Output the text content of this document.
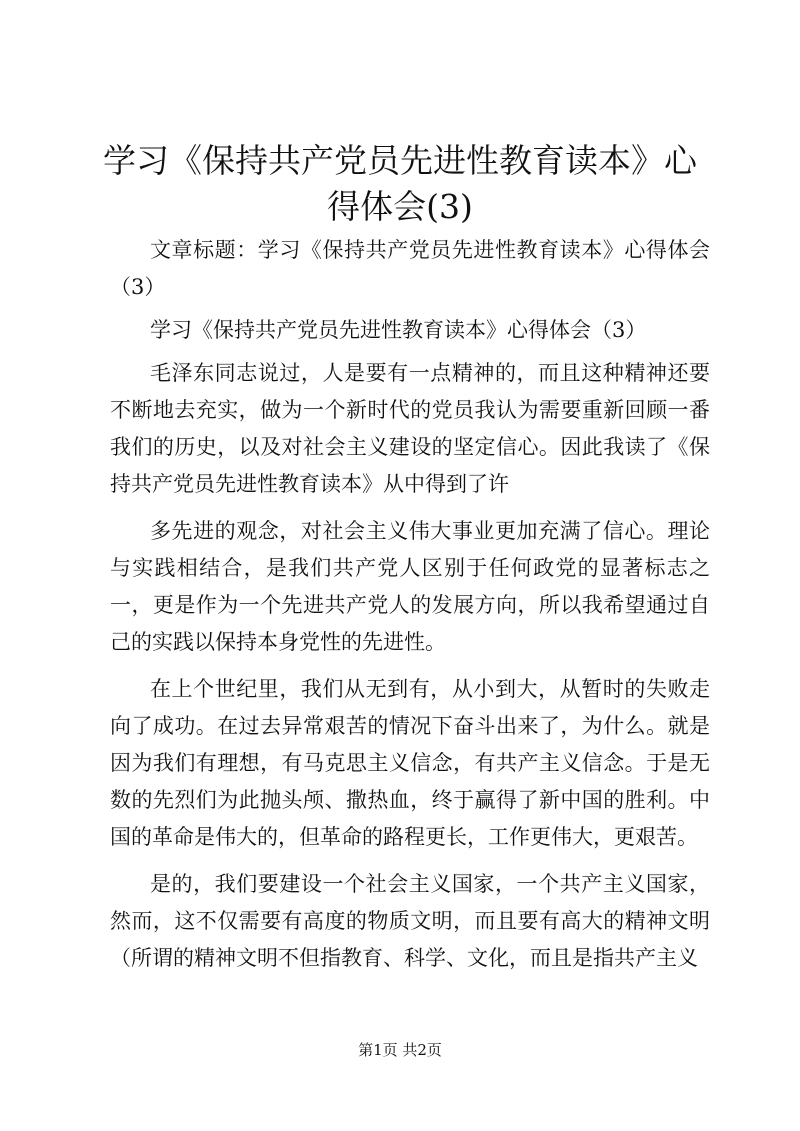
学习《保持共产党员先进性教育读本》心得体会(3)

文章标题：学习《保持共产党员先进性教育读本》心得体会（3）

学习《保持共产党员先进性教育读本》心得体会（3）

毛泽东同志说过，人是要有一点精神的，而且这种精神还要不断地去充实，做为一个新时代的党员我认为需要重新回顾一番我们的历史，以及对社会主义建设的坚定信心。因此我读了《保持共产党员先进性教育读本》从中得到了许

多先进的观念，对社会主义伟大事业更加充满了信心。理论与实践相结合，是我们共产党人区别于任何政党的显著标志之一，更是作为一个先进共产党人的发展方向，所以我希望通过自己的实践以保持本身党性的先进性。

在上个世纪里，我们从无到有，从小到大，从暂时的失败走向了成功。在过去异常艰苦的情况下奋斗出来了，为什么。就是因为我们有理想，有马克思主义信念，有共产主义信念。于是无数的先烈们为此抛头颅、撒热血，终于赢得了新中国的胜利。中国的革命是伟大的，但革命的路程更长，工作更伟大，更艰苦。

是的，我们要建设一个社会主义国家，一个共产主义国家，然而，这不仅需要有高度的物质文明，而且要有高大的精神文明（所谓的精神文明不但指教育、科学、文化，而且是指共产主义

第1页 共2页
